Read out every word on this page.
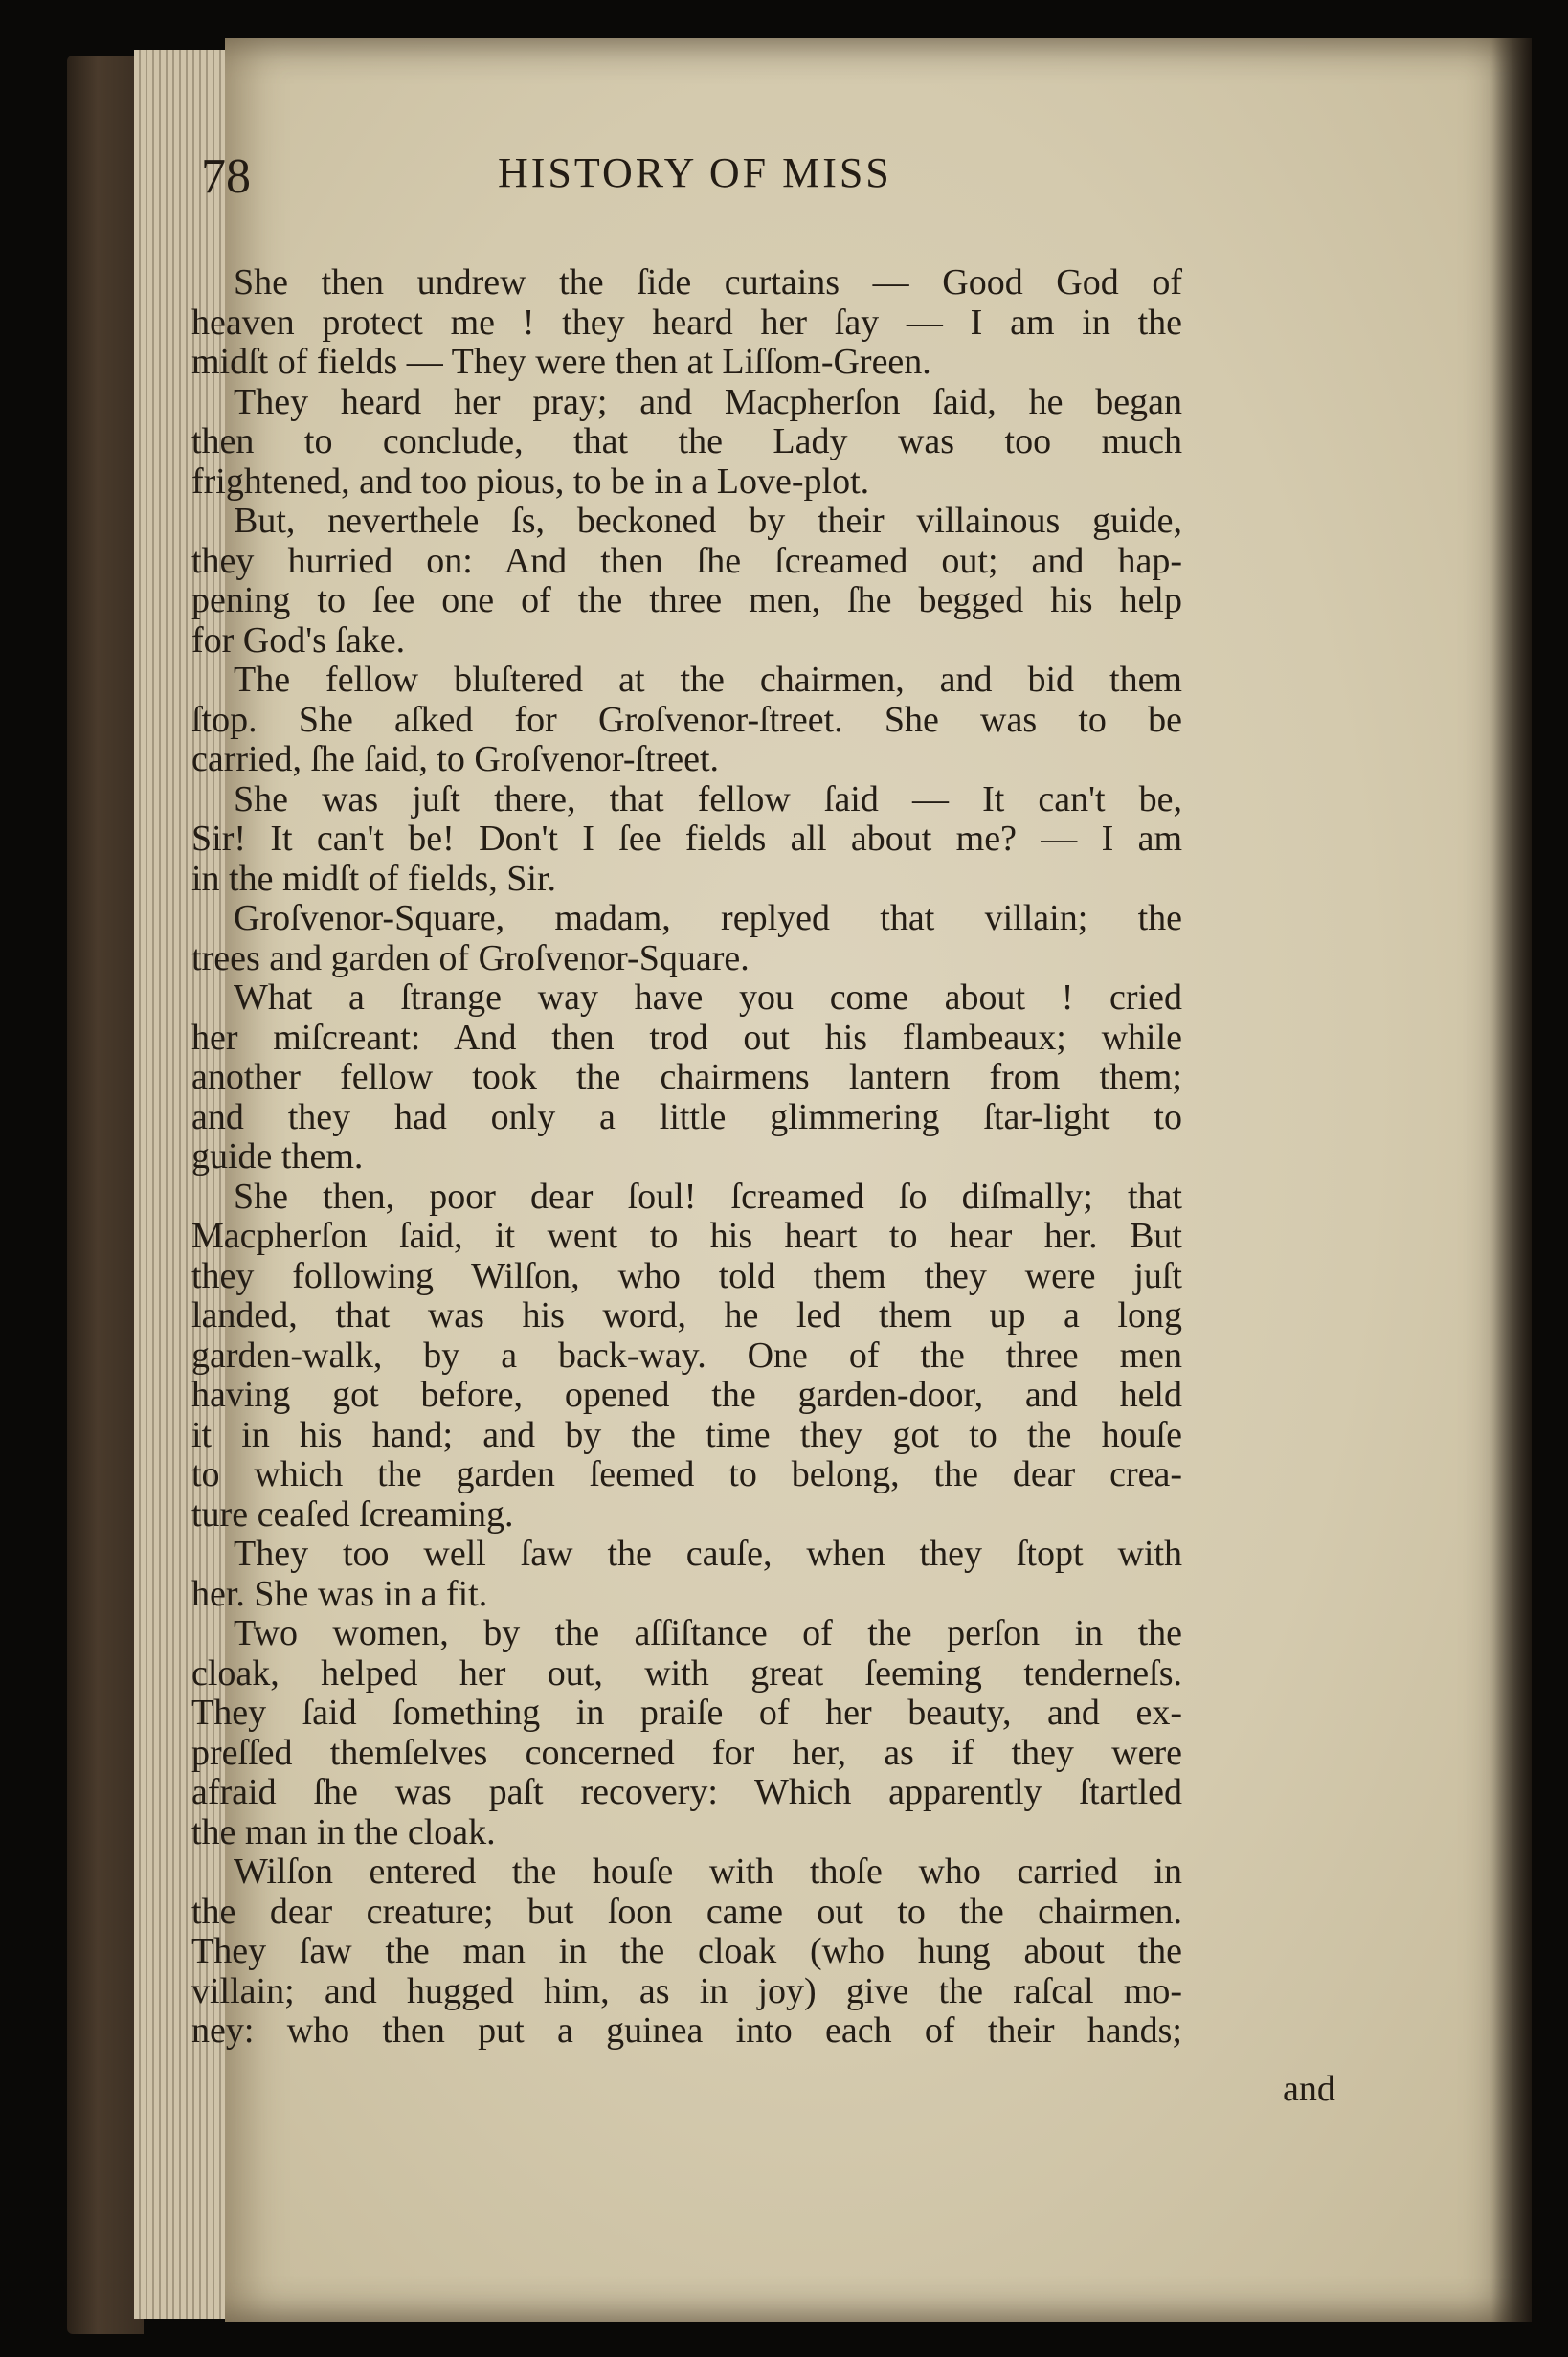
78	HISTORY OF MISS
She then undrew the ſide curtains — Good God of
heaven protect me ! they heard her ſay — I am in the
midſt of fields — They were then at Liſſom-Green.
They heard her pray; and Macpherſon ſaid, he began
then to conclude, that the Lady was too much
frightened, and too pious, to be in a Love-plot.
But, neverthele ſs, beckoned by their villainous guide,
they hurried on: And then ſhe ſcreamed out; and hap-
pening to ſee one of the three men, ſhe begged his help
for God's ſake.
The fellow bluſtered at the chairmen, and bid them
ſtop. She aſked for Groſvenor-ſtreet. She was to be
carried, ſhe ſaid, to Groſvenor-ſtreet.
She was juſt there, that fellow ſaid — It can't be,
Sir! It can't be! Don't I ſee fields all about me? — I am
in the midſt of fields, Sir.
Groſvenor-Square, madam, replyed that villain; the
trees and garden of Groſvenor-Square.
What a ſtrange way have you come about ! cried
her miſcreant: And then trod out his flambeaux; while
another fellow took the chairmens lantern from them;
and they had only a little glimmering ſtar-light to
guide them.
She then, poor dear ſoul! ſcreamed ſo diſmally; that
Macpherſon ſaid, it went to his heart to hear her. But
they following Wilſon, who told them they were juſt
landed, that was his word, he led them up a long
garden-walk, by a back-way. One of the three men
having got before, opened the garden-door, and held
it in his hand; and by the time they got to the houſe
to which the garden ſeemed to belong, the dear crea-
ture ceaſed ſcreaming.
They too well ſaw the cauſe, when they ſtopt with
her. She was in a fit.
Two women, by the aſſiſtance of the perſon in the
cloak, helped her out, with great ſeeming tenderneſs.
They ſaid ſomething in praiſe of her beauty, and ex-
preſſed themſelves concerned for her, as if they were
afraid ſhe was paſt recovery: Which apparently ſtartled
the man in the cloak.
Wilſon entered the houſe with thoſe who carried in
the dear creature; but ſoon came out to the chairmen.
They ſaw the man in the cloak (who hung about the
villain; and hugged him, as in joy) give the raſcal mo-
ney: who then put a guinea into each of their hands;
and
